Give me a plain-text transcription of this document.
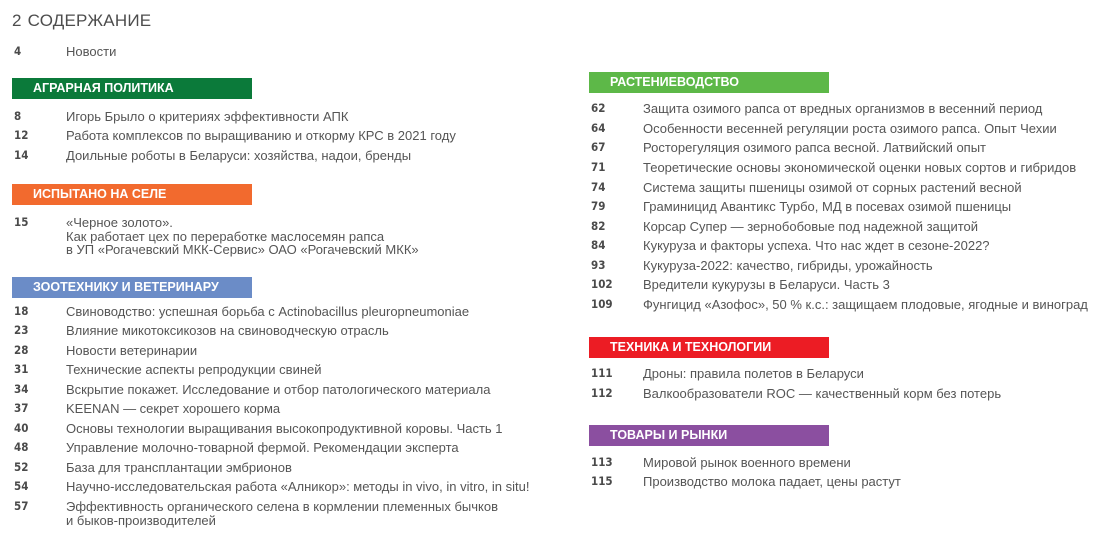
2 СОДЕРЖАНИЕ
4	Новости
АГРАРНАЯ ПОЛИТИКА
8	Игорь Брыло о критериях эффективности АПК
12	Работа комплексов по выращиванию и откорму КРС в 2021 году
14	Доильные роботы в Беларуси: хозяйства, надои, бренды
ИСПЫТАНО НА СЕЛЕ
15	«Черное золото».
Как работает цех по переработке маслосемян рапса
в УП «Рогачевский МКК-Сервис» ОАО «Рогачевский МКК»
ЗООТЕХНИКУ И ВЕТЕРИНАРУ
18	Свиноводство: успешная борьба с Actinobacillus pleuropneumoniae
23	Влияние микотоксикозов на свиноводческую отрасль
28	Новости ветеринарии
31	Технические аспекты репродукции свиней
34	Вскрытие покажет. Исследование и отбор патологического материала
37	KEENAN — секрет хорошего корма
40	Основы технологии выращивания высокопродуктивной коровы. Часть 1
48	Управление молочно-товарной фермой. Рекомендации эксперта
52	База для трансплантации эмбрионов
54	Научно-исследовательская работа «Алникор»: методы in vivo, in vitro, in situ!
57	Эффективность органического селена в кормлении племенных бычков
и быков-производителей
РАСТЕНИЕВОДСТВО
62	Защита озимого рапса от вредных организмов в весенний период
64	Особенности весенней регуляции роста озимого рапса. Опыт Чехии
67	Росторегуляция озимого рапса весной. Латвийский опыт
71	Теоретические основы экономической оценки новых сортов и гибридов
74	Система защиты пшеницы озимой от сорных растений весной
79	Граминицид Авантикс Турбо, МД в посевах озимой пшеницы
82	Корсар Супер — зернобобовые под надежной защитой
84	Кукуруза и факторы успеха. Что нас ждет в сезоне-2022?
93	Кукуруза-2022: качество, гибриды, урожайность
102 Вредители кукурузы в Беларуси. Часть 3
109 Фунгицид «Азофос», 50 % к.с.: защищаем плодовые, ягодные и виноград
ТЕХНИКА И ТЕХНОЛОГИИ
111 Дроны: правила полетов в Беларуси
112 Валкообразователи ROC — качественный корм без потерь
ТОВАРЫ И РЫНКИ
113 Мировой рынок военного времени
115 Производство молока падает, цены растут
